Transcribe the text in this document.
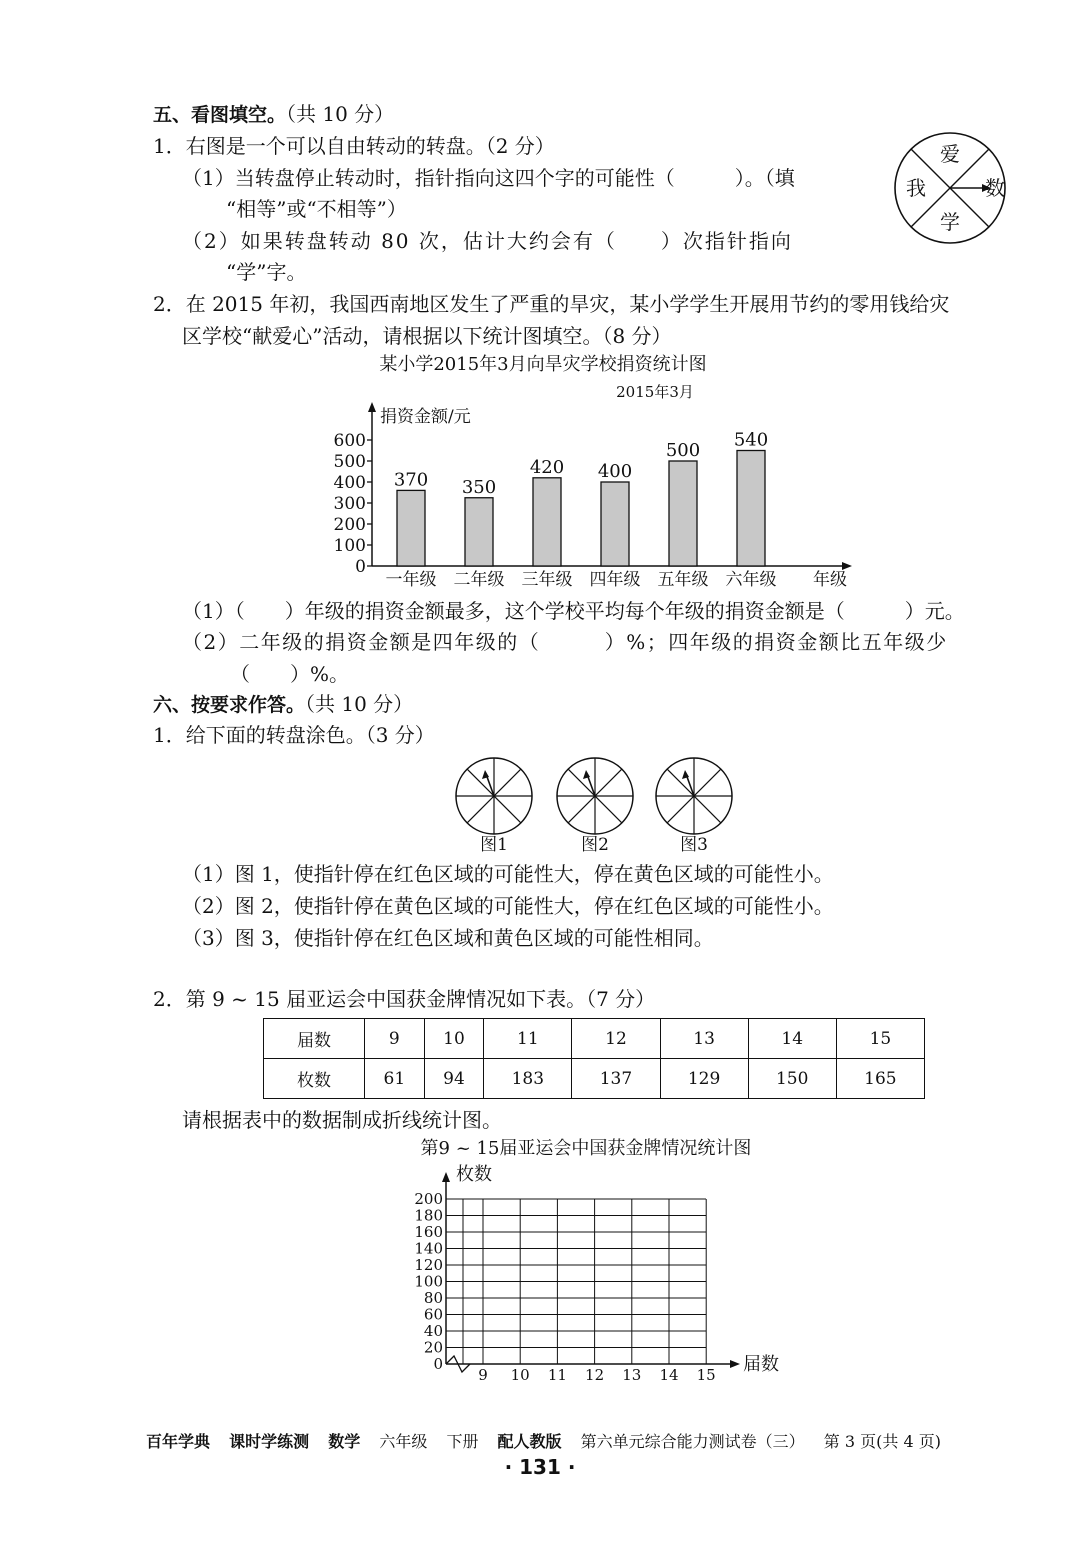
五、看图填空。（共 10 分）
1．右图是一个可以自由转动的转盘。（2 分）
（1）当转盘停止转动时，指针指向这四个字的可能性（　　　）。（填
“相等”或“不相等”）
（2）如果转盘转动 80 次，估计大约会有（　　）次指针指向
“学”字。
爱
我	数
学
2．在 2015 年初，我国西南地区发生了严重的旱灾，某小学学生开展用节约的零用钱给灾
区学校“献爱心”活动，请根据以下统计图填空。（8 分）
某小学2015年3月向旱灾学校捐资统计图
2015年3月
捐资金额/元
年级
0
100
200
300
400
500
600
370
一年级
350
二年级
420
三年级
400
四年级
500
五年级
540
六年级
（1）（　　）年级的捐资金额最多，这个学校平均每个年级的捐资金额是（　　　）元。
（2）二年级的捐资金额是四年级的（　　　）%；四年级的捐资金额比五年级少
（　　）%。
六、按要求作答。（共 10 分）
1．给下面的转盘涂色。（3 分）
图1	图2	图3
（1）图 1，使指针停在红色区域的可能性大，停在黄色区域的可能性小。
（2）图 2，使指针停在黄色区域的可能性大，停在红色区域的可能性小。
（3）图 3，使指针停在红色区域和黄色区域的可能性相同。
2．第 9 ~ 15 届亚运会中国获金牌情况如下表。（7 分）
届数	9	10	11	12	13	14	15
枚数	61	94	183	137	129	150	165
请根据表中的数据制成折线统计图。
第9 ~ 15届亚运会中国获金牌情况统计图
枚数
届数
0
20
40
60
80
100
120
140
160
180
200
9 10 11 12 13 14 15
百年学典 课时学练测 数学 六年级 下册 配人教版 第六单元综合能力测试卷（三） 第 3 页(共 4 页)
· 131 ·
